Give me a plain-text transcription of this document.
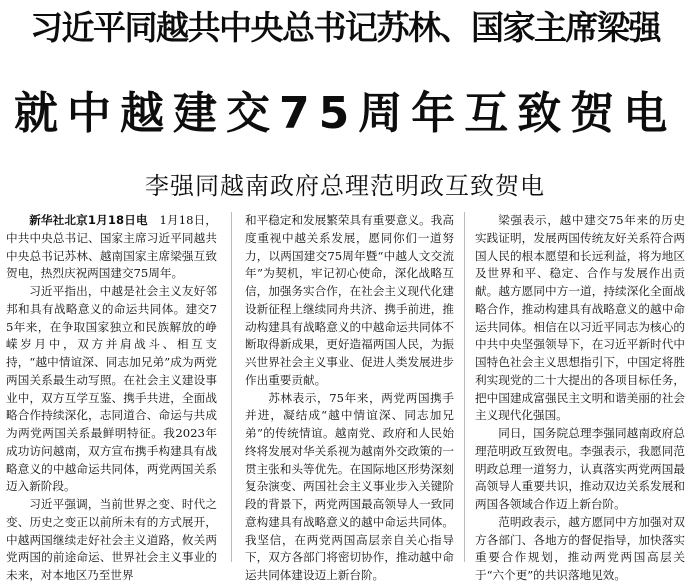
习近平同越共中央总书记苏林、国家主席梁强
就中越建交75周年互致贺电
李强同越南政府总理范明政互致贺电

新华社北京1月18日电　 1月18日，中共中央总书记、国家主席习近平同越共中央总书记苏林、越南国家主席梁强互致贺电，热烈庆祝两国建交75周年。

习近平指出，中越是社会主义友好邻邦和具有战略意义的命运共同体。建交75年来，在争取国家独立和民族解放的峥嵘岁月中，双方并肩战斗、相互支持，“越中情谊深、同志加兄弟”成为两党两国关系最生动写照。在社会主义建设事业中，双方互学互鉴、携手共进，全面战略合作持续深化，志同道合、命运与共成为两党两国关系最鲜明特征。我2023年成功访问越南，双方宣布携手构建具有战略意义的中越命运共同体，两党两国关系迈入新阶段。

习近平强调，当前世界之变、时代之变、历史之变正以前所未有的方式展开，中越两国继续走好社会主义道路，攸关两党两国的前途命运、世界社会主义事业的未来，对本地区乃至世界

和平稳定和发展繁荣具有重要意义。我高度重视中越关系发展，愿同你们一道努力，以两国建交75周年暨“中越人文交流年”为契机，牢记初心使命，深化战略互信，加强务实合作，在社会主义现代化建设新征程上继续同舟共济、携手前进，推动构建具有战略意义的中越命运共同体不断取得新成果，更好造福两国人民，为振兴世界社会主义事业、促进人类发展进步作出重要贡献。

苏林表示，75年来，两党两国携手并进，凝结成“越中情谊深、同志加兄弟”的传统情谊。越南党、政府和人民始终将发展对华关系视为越南外交政策的一贯主张和头等优先。在国际地区形势深刻复杂演变、两国社会主义事业步入关键阶段的背景下，两党两国最高领导人一致同意构建具有战略意义的越中命运共同体。我坚信，在两党两国高层亲自关心指导下，双方各部门将密切协作，推动越中命运共同体建设迈上新台阶。

梁强表示，越中建交75年来的历史实践证明，发展两国传统友好关系符合两国人民的根本愿望和长远利益，将为地区及世界和平、稳定、合作与发展作出贡献。越方愿同中方一道，持续深化全面战略合作，推动构建具有战略意义的越中命运共同体。相信在以习近平同志为核心的中共中央坚强领导下，在习近平新时代中国特色社会主义思想指引下，中国定将胜利实现党的二十大提出的各项目标任务，把中国建成富强民主文明和谐美丽的社会主义现代化强国。

同日，国务院总理李强同越南政府总理范明政互致贺电。李强表示，我愿同范明政总理一道努力，认真落实两党两国最高领导人重要共识，推动双边关系发展和两国各领域合作迈上新台阶。

范明政表示，越方愿同中方加强对双方各部门、各地方的督促指导，加快落实重要合作规划，推动两党两国高层关于“六个更”的共识落地见效。
